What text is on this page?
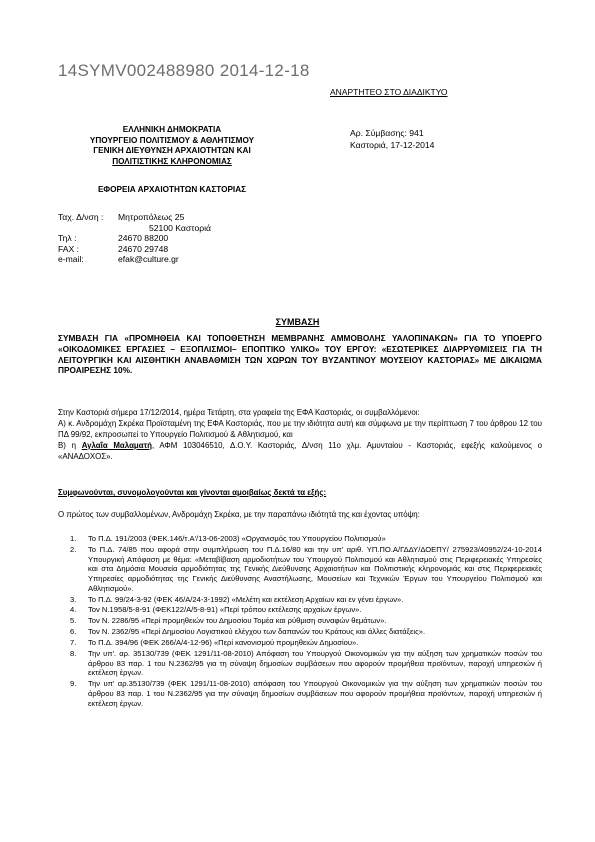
14SYMV002488980 2014-12-18
ΑΝΑΡΤΗΤΕΟ ΣΤΟ ΔΙΑΔΙΚΤΥΟ
ΕΛΛΗΝΙΚΗ ΔΗΜΟΚΡΑΤΙΑ
ΥΠΟΥΡΓΕΙΟ ΠΟΛΙΤΙΣΜΟΥ & ΑΘΛΗΤΙΣΜΟΥ
ΓΕΝΙΚΗ ΔΙΕΥΘΥΝΣΗ ΑΡΧΑΙΟΤΗΤΩΝ ΚΑΙ
ΠΟΛΙΤΙΣΤΙΚΗΣ ΚΛΗΡΟΝΟΜΙΑΣ
Αρ. Σύμβασης: 941
Καστοριά, 17-12-2014
ΕΦΟΡΕΙΑ ΑΡΧΑΙΟΤΗΤΩΝ ΚΑΣΤΟΡΙΑΣ
Ταχ. Δ/νση :	Μητροπόλεως 25
52100 Καστοριά
Τηλ :	24670 88200
FAX :	24670 29748
e-mail:	efak@culture.gr
ΣΥΜΒΑΣΗ
ΣΥΜΒΑΣΗ ΓΙΑ «ΠΡΟΜΗΘΕΙΑ ΚΑΙ ΤΟΠΟΘΕΤΗΣΗ ΜΕΜΒΡΑΝΗΣ ΑΜΜΟΒΟΛΗΣ ΥΑΛΟΠΙΝΑΚΩΝ» ΓΙΑ ΤΟ ΥΠΟΕΡΓΟ «ΟΙΚΟΔΟΜΙΚΕΣ ΕΡΓΑΣΙΕΣ – ΕΞΟΠΛΙΣΜΟΙ– ΕΠΟΠΤΙΚΟ ΥΛΙΚΟ» ΤΟΥ ΕΡΓΟΥ: «ΕΣΩΤΕΡΙΚΕΣ ΔΙΑΡΡΥΘΜΙΣΕΙΣ ΓΙΑ ΤΗ ΛΕΙΤΟΥΡΓΙΚΗ ΚΑΙ ΑΙΣΘΗΤΙΚΗ ΑΝΑΒΑΘΜΙΣΗ ΤΩΝ ΧΩΡΩΝ ΤΟΥ ΒΥΖΑΝΤΙΝΟΥ ΜΟΥΣΕΙΟΥ ΚΑΣΤΟΡΙΑΣ» ΜΕ ΔΙΚΑΙΩΜΑ ΠΡΟΑΙΡΕΣΗΣ 10%.
Στην Καστοριά σήμερα 17/12/2014, ημέρα Τετάρτη, στα γραφεία της ΕΦΑ Καστοριάς, οι συμβαλλόμενοι:
Α) κ. Ανδρομάχη Σκρέκα Προϊσταμένη της ΕΦΑ Καστοριάς, που με την ιδιότητα αυτή και σύμφωνα με την περίπτωση 7 του άρθρου 12 του ΠΔ 99/92, εκπροσωπεί το Υπουργείο Πολιτισμού & Αθλητισμού, και
Β) η Αγλαΐα Μαλαματή, ΑΦΜ 103046510, Δ.Ο.Υ. Καστοριάς, Δ/νση 11ο χλμ. Αμυνταίου - Καστοριάς, εφεξής καλούμενος ο «ΑΝΑΔΟΧΟΣ».
Συμφωνούνται, συνομολογούνται και γίνονται αμοιβαίως δεκτά τα εξής:
Ο πρώτος των συμβαλλομένων, Ανδρομάχη Σκρέκα, με την παραπάνω ιδιότητά της και έχοντας υπόψη:
1.	Το Π.Δ. 191/2003 (ΦΕΚ.146/τ.Α'/13-06-2003) «Οργανισμός του Υπουργείου Πολιτισμού»
2.	Το Π.Δ. 74/85 που αφορά στην συμπλήρωση του Π.Δ.16/80 και την υπ' αριθ. ΥΠ.ΠΟ.Α/ΓΔΔΥ/ΔΟΕΠΥ/ 275923/40952/24-10-2014 Υπουργική Απόφαση με θέμα: «Μεταβίβαση αρμοδιοτήτων του Υπουργού Πολιτισμού και Αθλητισμού στις Περιφερειακές Υπηρεσίες και στα Δημόσια Μουσεία αρμοδιότητας της Γενικής Διεύθυνσης Αρχαιοτήτων και Πολιτιστικής κληρονομιάς και στις Περιφερειακές Υπηρεσίες αρμοδιότητας της Γενικής Διεύθυνσης Αναστήλωσης, Μουσείων και Τεχνικών Έργων του Υπουργείου Πολιτισμού και Αθλητισμού».
3.	Το Π.Δ. 99/24-3-92 (ΦΕΚ 46/Α/24-3-1992) «Μελέτη και εκτέλεση Αρχαίων και εν γένει έργων».
4.	Τον Ν.1958/5-8-91 (ΦΕΚ122/Α/5-8-91) «Περί τρόπου εκτέλεσης αρχαίων έργων».
5.	Τον Ν. 2286/95 «Περί προμηθειών του Δημοσίου Τομέα και ρύθμιση συναφών θεμάτων».
6.	Τον Ν. 2362/95 «Περί Δημοσίου Λογιστικού ελέγχου των δαπανών του Κράτους και άλλες διατάξεις».
7.	Το Π.Δ. 394/96 (ΦΕΚ 266/Α/4-12-96) «Περί κανονισμού προμηθειών Δημοσίου».
8.	Την υπ'. αρ. 35130/739 (ΦΕΚ 1291/11-08-2010) Απόφαση του Υπουργού Οικονομικών για την αύξηση των χρηματικών ποσών του άρθρου 83 παρ. 1 του Ν.2362/95 για τη σύναψη δημοσίων συμβάσεων που αφορούν προμήθεια προϊόντων, παροχή υπηρεσιών ή εκτέλεση έργων.
9.	Την υπ' αρ.35130/739 (ΦΕΚ 1291/11-08-2010) απόφαση του Υπουργού Οικονομικών για την αύξηση των χρηματικών ποσών του άρθρου 83 παρ. 1 του Ν.2362/95 για την σύναψη δημοσίων συμβάσεων που αφορούν προμήθεια προϊόντων, παροχή υπηρεσιών ή εκτέλεση έργων.
